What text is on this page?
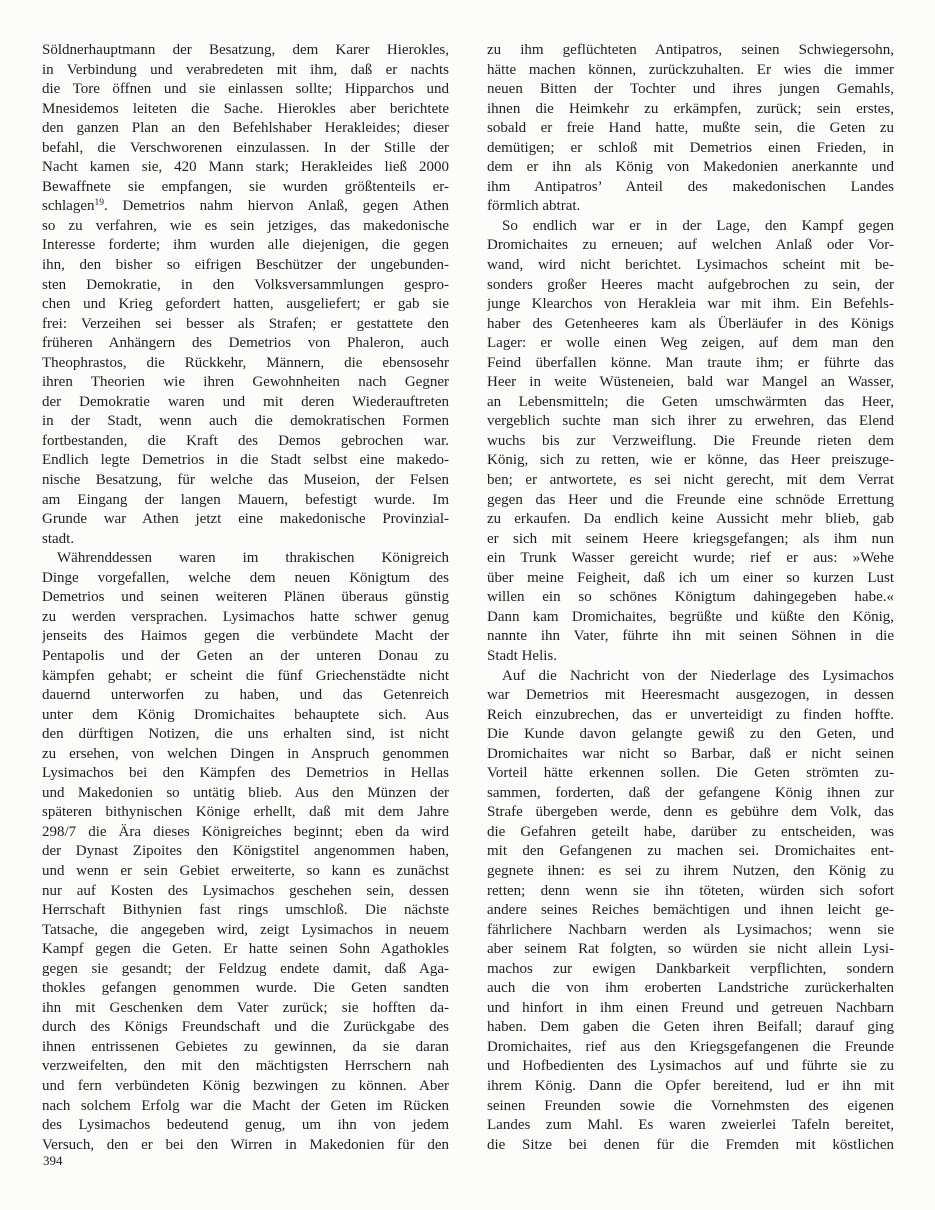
Söldnerhauptmann der Besatzung, dem Karer Hierokles,
in Verbindung und verabredeten mit ihm, daß er nachts
die Tore öffnen und sie einlassen sollte; Hipparchos und
Mnesidemos leiteten die Sache. Hierokles aber berichtete
den ganzen Plan an den Befehlshaber Herakleides; dieser
befahl, die Verschworenen einzulassen. In der Stille der
Nacht kamen sie, 420 Mann stark; Herakleides ließ 2000
Bewaffnete sie empfangen, sie wurden größtenteils er-
schlagen$^{19}$. Demetrios nahm hiervon Anlaß, gegen Athen
so zu verfahren, wie es sein jetziges, das makedonische
Interesse forderte; ihm wurden alle diejenigen, die gegen
ihn, den bisher so eifrigen Beschützer der ungebunden-
sten Demokratie, in den Volksversammlungen gespro-
chen und Krieg gefordert hatten, ausgeliefert; er gab sie
frei: Verzeihen sei besser als Strafen; er gestattete den
früheren Anhängern des Demetrios von Phaleron, auch
Theophrastos, die Rückkehr, Männern, die ebensosehr
ihren Theorien wie ihren Gewohnheiten nach Gegner
der Demokratie waren und mit deren Wiederauftreten
in der Stadt, wenn auch die demokratischen Formen
fortbestanden, die Kraft des Demos gebrochen war.
Endlich legte Demetrios in die Stadt selbst eine makedo-
nische Besatzung, für welche das Museion, der Felsen
am Eingang der langen Mauern, befestigt wurde. Im
Grunde war Athen jetzt eine makedonische Provinzial-
stadt.
Währenddessen waren im thrakischen Königreich
Dinge vorgefallen, welche dem neuen Königtum des
Demetrios und seinen weiteren Plänen überaus günstig
zu werden versprachen. Lysimachos hatte schwer genug
jenseits des Haimos gegen die verbündete Macht der
Pentapolis und der Geten an der unteren Donau zu
kämpfen gehabt; er scheint die fünf Griechenstädte nicht
dauernd unterworfen zu haben, und das Getenreich
unter dem König Dromichaites behauptete sich. Aus
den dürftigen Notizen, die uns erhalten sind, ist nicht
zu ersehen, von welchen Dingen in Anspruch genommen
Lysimachos bei den Kämpfen des Demetrios in Hellas
und Makedonien so untätig blieb. Aus den Münzen der
späteren bithynischen Könige erhellt, daß mit dem Jahre
298/7 die Ära dieses Königreiches beginnt; eben da wird
der Dynast Zipoites den Königstitel angenommen haben,
und wenn er sein Gebiet erweiterte, so kann es zunächst
nur auf Kosten des Lysimachos geschehen sein, dessen
Herrschaft Bithynien fast rings umschloß. Die nächste
Tatsache, die angegeben wird, zeigt Lysimachos in neuem
Kampf gegen die Geten. Er hatte seinen Sohn Agathokles
gegen sie gesandt; der Feldzug endete damit, daß Aga-
thokles gefangen genommen wurde. Die Geten sandten
ihn mit Geschenken dem Vater zurück; sie hofften da-
durch des Königs Freundschaft und die Zurückgabe des
ihnen entrissenen Gebietes zu gewinnen, da sie daran
verzweifelten, den mit den mächtigsten Herrschern nah
und fern verbündeten König bezwingen zu können. Aber
nach solchem Erfolg war die Macht der Geten im Rücken
des Lysimachos bedeutend genug, um ihn von jedem
Versuch, den er bei den Wirren in Makedonien für den
zu ihm geflüchteten Antipatros, seinen Schwiegersohn,
hätte machen können, zurückzuhalten. Er wies die immer
neuen Bitten der Tochter und ihres jungen Gemahls,
ihnen die Heimkehr zu erkämpfen, zurück; sein erstes,
sobald er freie Hand hatte, mußte sein, die Geten zu
demütigen; er schloß mit Demetrios einen Frieden, in
dem er ihn als König von Makedonien anerkannte und
ihm Antipatros’ Anteil des makedonischen Landes
förmlich abtrat.
So endlich war er in der Lage, den Kampf gegen
Dromichaites zu erneuen; auf welchen Anlaß oder Vor-
wand, wird nicht berichtet. Lysimachos scheint mit be-
sonders großer Heeres macht aufgebrochen zu sein, der
junge Klearchos von Herakleia war mit ihm. Ein Befehls-
haber des Getenheeres kam als Überläufer in des Königs
Lager: er wolle einen Weg zeigen, auf dem man den
Feind überfallen könne. Man traute ihm; er führte das
Heer in weite Wüsteneien, bald war Mangel an Wasser,
an Lebensmitteln; die Geten umschwärmten das Heer,
vergeblich suchte man sich ihrer zu erwehren, das Elend
wuchs bis zur Verzweiflung. Die Freunde rieten dem
König, sich zu retten, wie er könne, das Heer preiszuge-
ben; er antwortete, es sei nicht gerecht, mit dem Verrat
gegen das Heer und die Freunde eine schnöde Errettung
zu erkaufen. Da endlich keine Aussicht mehr blieb, gab
er sich mit seinem Heere kriegsgefangen; als ihm nun
ein Trunk Wasser gereicht wurde; rief er aus: »Wehe
über meine Feigheit, daß ich um einer so kurzen Lust
willen ein so schönes Königtum dahingegeben habe.«
Dann kam Dromichaites, begrüßte und küßte den König,
nannte ihn Vater, führte ihn mit seinen Söhnen in die
Stadt Helis.
Auf die Nachricht von der Niederlage des Lysimachos
war Demetrios mit Heeresmacht ausgezogen, in dessen
Reich einzubrechen, das er unverteidigt zu finden hoffte.
Die Kunde davon gelangte gewiß zu den Geten, und
Dromichaites war nicht so Barbar, daß er nicht seinen
Vorteil hätte erkennen sollen. Die Geten strömten zu-
sammen, forderten, daß der gefangene König ihnen zur
Strafe übergeben werde, denn es gebühre dem Volk, das
die Gefahren geteilt habe, darüber zu entscheiden, was
mit den Gefangenen zu machen sei. Dromichaites ent-
gegnete ihnen: es sei zu ihrem Nutzen, den König zu
retten; denn wenn sie ihn töteten, würden sich sofort
andere seines Reiches bemächtigen und ihnen leicht ge-
fährlichere Nachbarn werden als Lysimachos; wenn sie
aber seinem Rat folgten, so würden sie nicht allein Lysi-
machos zur ewigen Dankbarkeit verpflichten, sondern
auch die von ihm eroberten Landstriche zurückerhalten
und hinfort in ihm einen Freund und getreuen Nachbarn
haben. Dem gaben die Geten ihren Beifall; darauf ging
Dromichaites, rief aus den Kriegsgefangenen die Freunde
und Hofbedienten des Lysimachos auf und führte sie zu
ihrem König. Dann die Opfer bereitend, lud er ihn mit
seinen Freunden sowie die Vornehmsten des eigenen
Landes zum Mahl. Es waren zweierlei Tafeln bereitet,
die Sitze bei denen für die Fremden mit köstlichen
394
